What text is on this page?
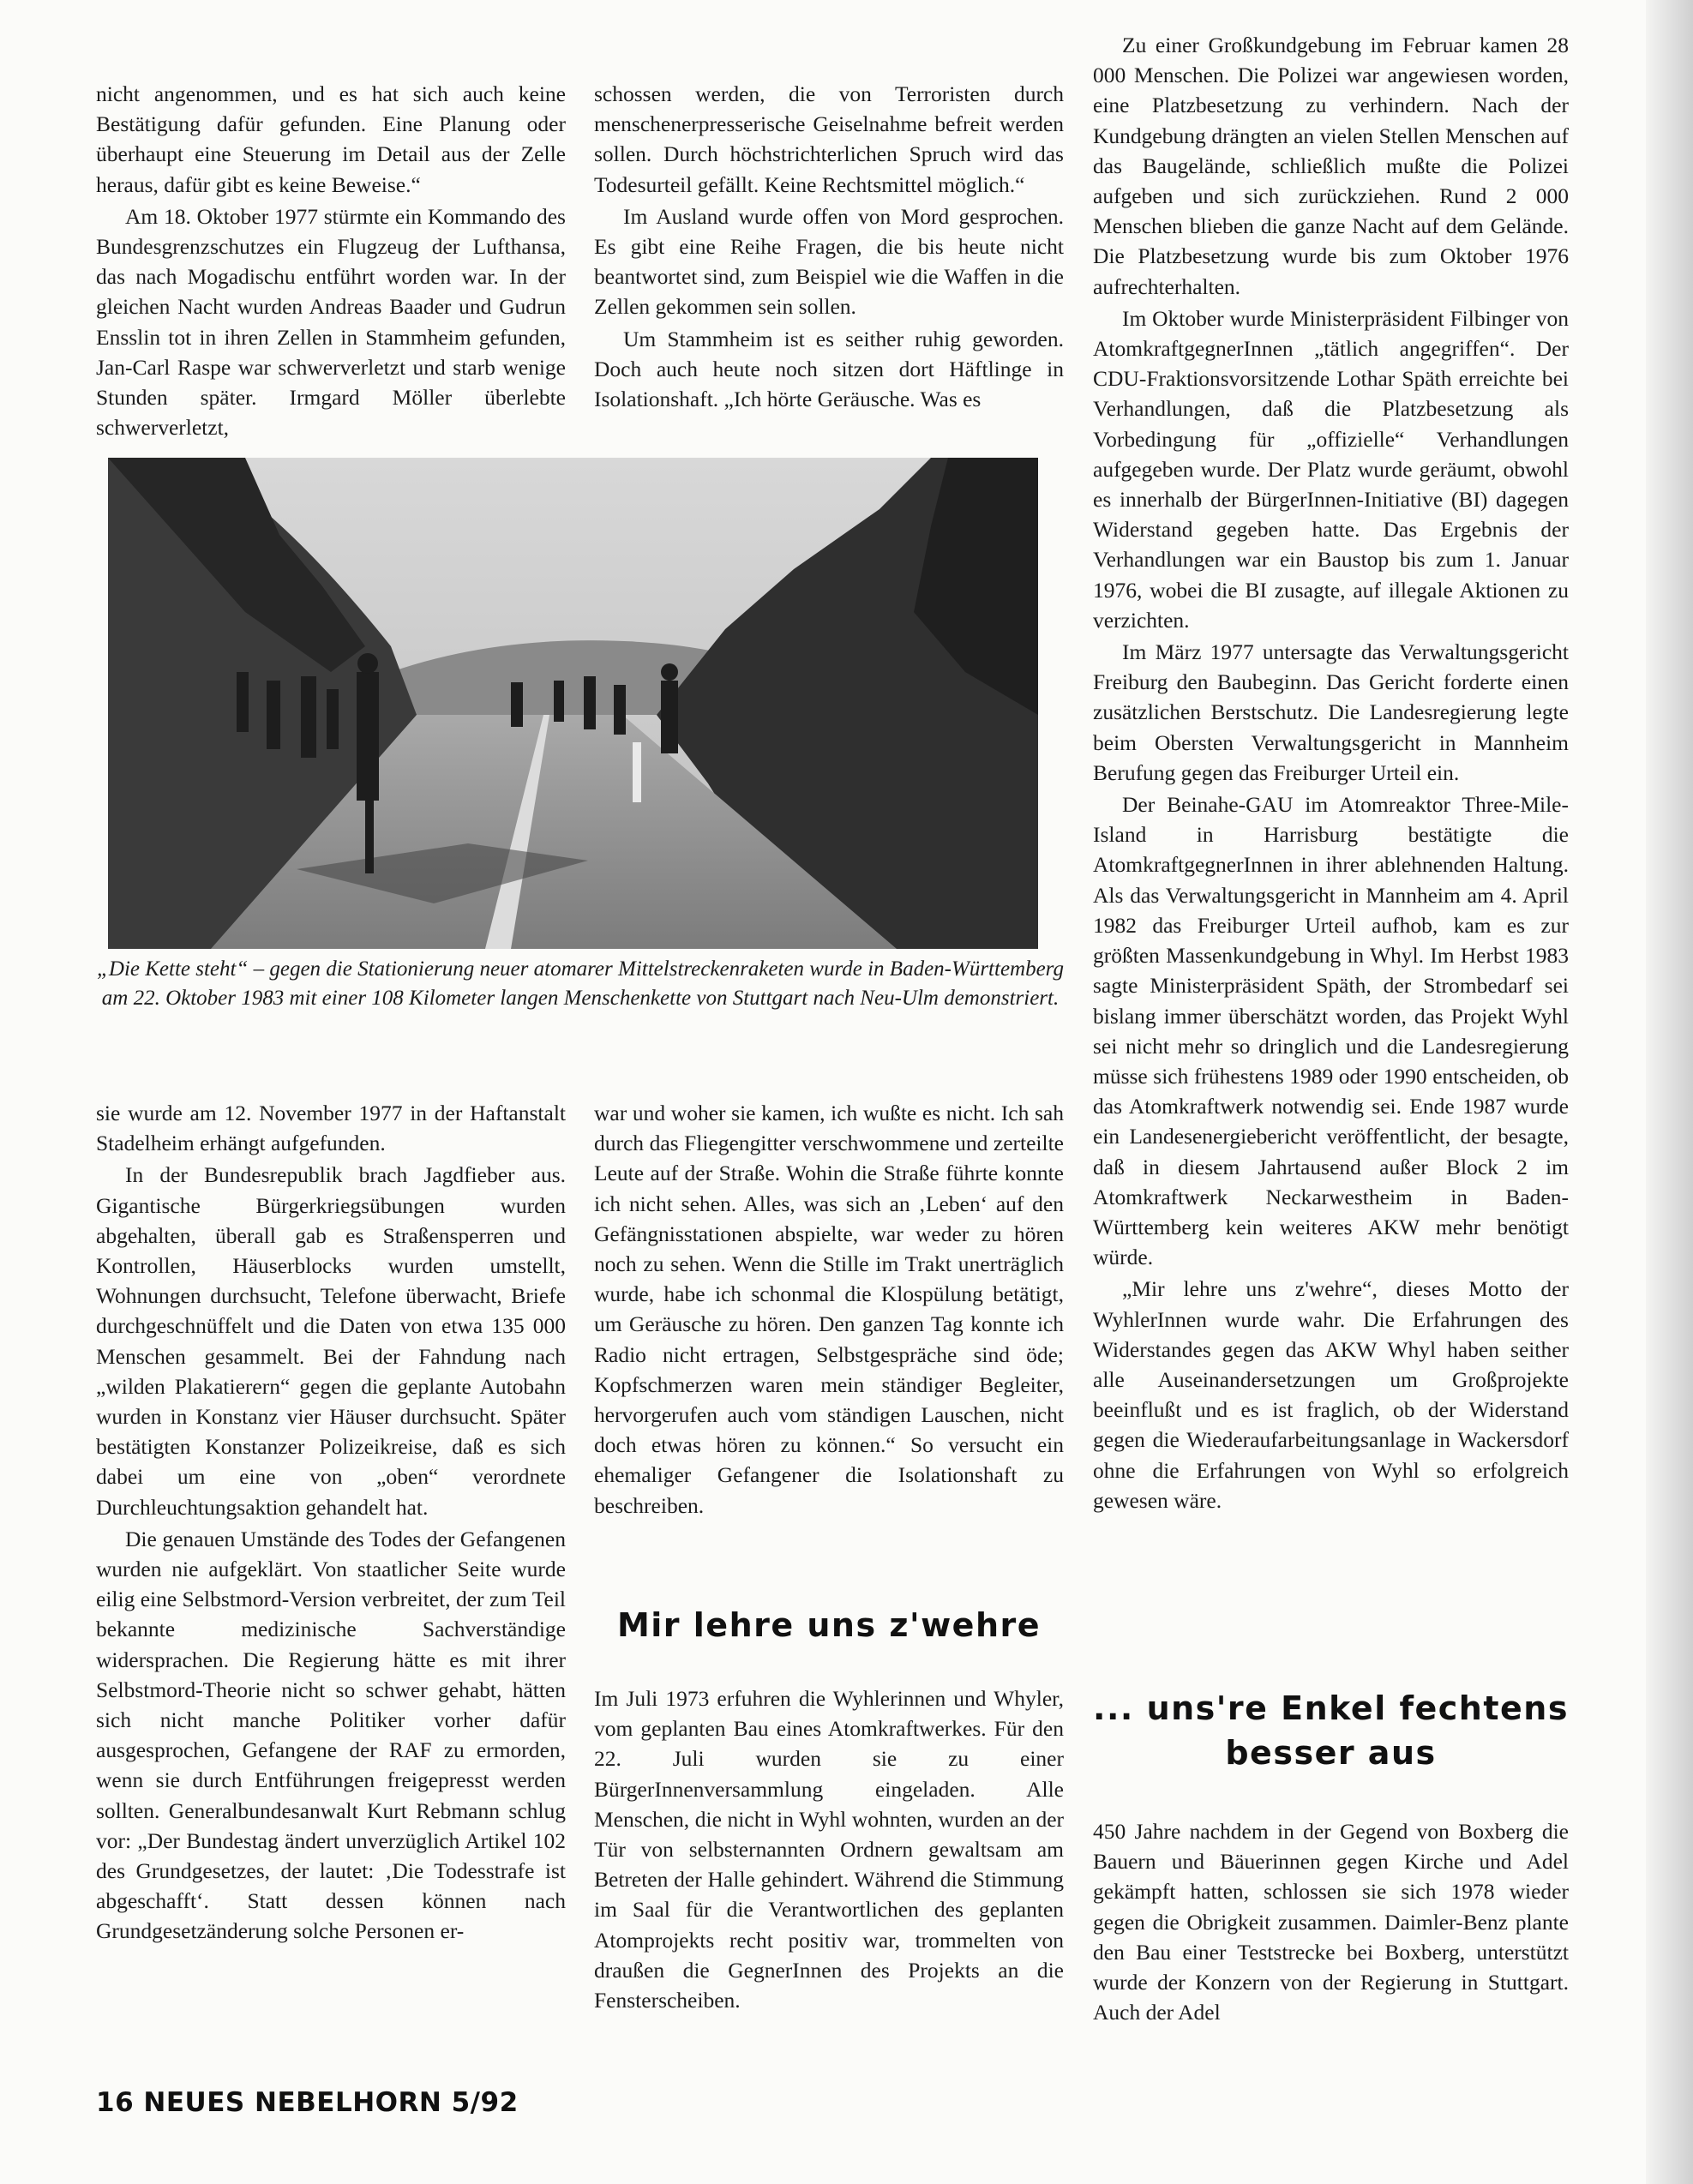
nicht angenommen, und es hat sich auch keine Bestätigung dafür gefunden. Eine Planung oder überhaupt eine Steuerung im Detail aus der Zelle heraus, dafür gibt es keine Beweise.“

Am 18. Oktober 1977 stürmte ein Kommando des Bundesgrenzschutzes ein Flugzeug der Lufthansa, das nach Mogadischu entführt worden war. In der gleichen Nacht wurden Andreas Baader und Gudrun Ensslin tot in ihren Zellen in Stammheim gefunden, Jan-Carl Raspe war schwerverletzt und starb wenige Stunden später. Irmgard Möller überlebte schwerverletzt,

schossen werden, die von Terroristen durch menschenerpresserische Geiselnahme befreit werden sollen. Durch höchstrichterlichen Spruch wird das Todesurteil gefällt. Keine Rechtsmittel möglich.“

Im Ausland wurde offen von Mord gesprochen. Es gibt eine Reihe Fragen, die bis heute nicht beantwortet sind, zum Beispiel wie die Waffen in die Zellen gekommen sein sollen.

Um Stammheim ist es seither ruhig geworden. Doch auch heute noch sitzen dort Häftlinge in Isolationshaft. „Ich hörte Geräusche. Was es

„Die Kette steht“ – gegen die Stationierung neuer atomarer Mittelstreckenraketen wurde in Baden-Württemberg am 22. Oktober 1983 mit einer 108 Kilometer langen Menschenkette von Stuttgart nach Neu-Ulm demonstriert.

sie wurde am 12. November 1977 in der Haftanstalt Stadelheim erhängt aufgefunden.

In der Bundesrepublik brach Jagdfieber aus. Gigantische Bürgerkriegsübungen wurden abgehalten, überall gab es Straßensperren und Kontrollen, Häuserblocks wurden umstellt, Wohnungen durchsucht, Telefone überwacht, Briefe durchgeschnüffelt und die Daten von etwa 135 000 Menschen gesammelt. Bei der Fahndung nach „wilden Plakatierern“ gegen die geplante Autobahn wurden in Konstanz vier Häuser durchsucht. Später bestätigten Konstanzer Polizeikreise, daß es sich dabei um eine von „oben“ verordnete Durchleuchtungsaktion gehandelt hat.

Die genauen Umstände des Todes der Gefangenen wurden nie aufgeklärt. Von staatlicher Seite wurde eilig eine Selbstmord-Version verbreitet, der zum Teil bekannte medizinische Sachverständige widersprachen. Die Regierung hätte es mit ihrer Selbstmord-Theorie nicht so schwer gehabt, hätten sich nicht manche Politiker vorher dafür ausgesprochen, Gefangene der RAF zu ermorden, wenn sie durch Entführungen freigepresst werden sollten. Generalbundesanwalt Kurt Rebmann schlug vor: „Der Bundestag ändert unverzüglich Artikel 102 des Grundgesetzes, der lautet: ‚Die Todesstrafe ist abgeschafft‘. Statt dessen können nach Grundgesetzänderung solche Personen er-

war und woher sie kamen, ich wußte es nicht. Ich sah durch das Fliegengitter verschwommene und zerteilte Leute auf der Straße. Wohin die Straße führte konnte ich nicht sehen. Alles, was sich an ‚Leben‘ auf den Gefängnisstationen abspielte, war weder zu hören noch zu sehen. Wenn die Stille im Trakt unerträglich wurde, habe ich schonmal die Klospülung betätigt, um Geräusche zu hören. Den ganzen Tag konnte ich Radio nicht ertragen, Selbstgespräche sind öde; Kopfschmerzen waren mein ständiger Begleiter, hervorgerufen auch vom ständigen Lauschen, nicht doch etwas hören zu können.“ So versucht ein ehemaliger Gefangener die Isolationshaft zu beschreiben.

Mir lehre uns z'wehre

Im Juli 1973 erfuhren die Wyhlerinnen und Whyler, vom geplanten Bau eines Atomkraftwerkes. Für den 22. Juli wurden sie zu einer BürgerInnenversammlung eingeladen. Alle Menschen, die nicht in Wyhl wohnten, wurden an der Tür von selbsternannten Ordnern gewaltsam am Betreten der Halle gehindert. Während die Stimmung im Saal für die Verantwortlichen des geplanten Atomprojekts recht positiv war, trommelten von draußen die GegnerInnen des Projekts an die Fensterscheiben.

Zu einer Großkundgebung im Februar kamen 28 000 Menschen. Die Polizei war angewiesen worden, eine Platzbesetzung zu verhindern. Nach der Kundgebung drängten an vielen Stellen Menschen auf das Baugelände, schließlich mußte die Polizei aufgeben und sich zurückziehen. Rund 2 000 Menschen blieben die ganze Nacht auf dem Gelände. Die Platzbesetzung wurde bis zum Oktober 1976 aufrechterhalten.

Im Oktober wurde Ministerpräsident Filbinger von AtomkraftgegnerInnen „tätlich angegriffen“. Der CDU-Fraktionsvorsitzende Lothar Späth erreichte bei Verhandlungen, daß die Platzbesetzung als Vorbedingung für „offizielle“ Verhandlungen aufgegeben wurde. Der Platz wurde geräumt, obwohl es innerhalb der BürgerInnen-Initiative (BI) dagegen Widerstand gegeben hatte. Das Ergebnis der Verhandlungen war ein Baustop bis zum 1. Januar 1976, wobei die BI zusagte, auf illegale Aktionen zu verzichten.

Im März 1977 untersagte das Verwaltungsgericht Freiburg den Baubeginn. Das Gericht forderte einen zusätzlichen Berstschutz. Die Landesregierung legte beim Obersten Verwaltungsgericht in Mannheim Berufung gegen das Freiburger Urteil ein.

Der Beinahe-GAU im Atomreaktor Three-Mile-Island in Harrisburg bestätigte die AtomkraftgegnerInnen in ihrer ablehnenden Haltung. Als das Verwaltungsgericht in Mannheim am 4. April 1982 das Freiburger Urteil aufhob, kam es zur größten Massenkundgebung in Whyl. Im Herbst 1983 sagte Ministerpräsident Späth, der Strombedarf sei bislang immer überschätzt worden, das Projekt Wyhl sei nicht mehr so dringlich und die Landesregierung müsse sich frühestens 1989 oder 1990 entscheiden, ob das Atomkraftwerk notwendig sei. Ende 1987 wurde ein Landesenergiebericht veröffentlicht, der besagte, daß in diesem Jahrtausend außer Block 2 im Atomkraftwerk Neckarwestheim in Baden-Württemberg kein weiteres AKW mehr benötigt würde.

„Mir lehre uns z'wehre“, dieses Motto der WyhlerInnen wurde wahr. Die Erfahrungen des Widerstandes gegen das AKW Whyl haben seither alle Auseinandersetzungen um Großprojekte beeinflußt und es ist fraglich, ob der Widerstand gegen die Wiederaufarbeitungsanlage in Wackersdorf ohne die Erfahrungen von Wyhl so erfolgreich gewesen wäre.

... uns're Enkel fechtens besser aus

450 Jahre nachdem in der Gegend von Boxberg die Bauern und Bäuerinnen gegen Kirche und Adel gekämpft hatten, schlossen sie sich 1978 wieder gegen die Obrigkeit zusammen. Daimler-Benz plante den Bau einer Teststrecke bei Boxberg, unterstützt wurde der Konzern von der Regierung in Stuttgart. Auch der Adel

16 NEUES NEBELHORN 5/92
